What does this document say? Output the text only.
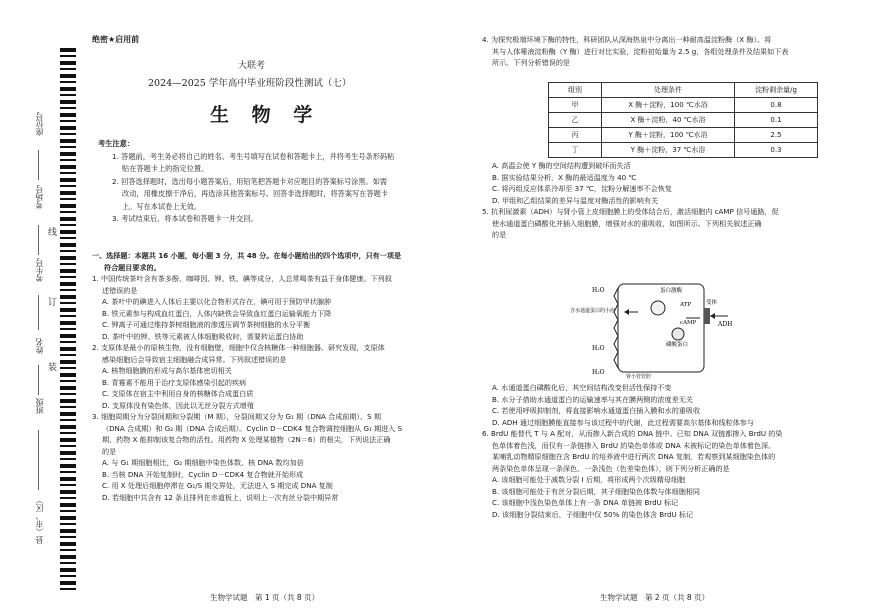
座位号
考场号
考生号
姓名
班级
县（市、区）
线
订
装
绝密★启用前
大联考
2024—2025 学年高中毕业班阶段性测试（七）
生 物 学

考生注意：

1. 答题前，考生务必将自己的姓名、考生号填写在试卷和答题卡上，并将考生号条形码粘

贴在答题卡上的指定位置。

2. 回答选择题时，选出每小题答案后，用铅笔把答题卡对应题目的答案标号涂黑。如需

改动，用橡皮擦干净后，再选涂其他答案标号。回答非选择题时，将答案写在答题卡

上。写在本试卷上无效。

3. 考试结束后，将本试卷和答题卡一并交回。

一、选择题：本题共 16 小题，每小题 3 分，共 48 分。在每小题给出的四个选项中，只有一项是

符合题目要求的。

1. 中国传统茶叶含有茶多酚、咖啡因、钾、铁、碘等成分，人总常喝茶有益于身体健康。下列叙

述错误的是

A. 茶叶中的碘进入人体后主要以化合物形式存在，碘可用于预防甲状腺肿

B. 铁元素参与构成血红蛋白，人体内缺铁会导致血红蛋白运输氧能力下降

C. 钾离子可通过维持茶树细胞液的渗透压调节茶树细胞的水分平衡

D. 茶叶中的钾、铁等元素被人体细胞吸收时，需要转运蛋白协助

2. 支原体是最小的原核生物，没有细胞壁，细胞中仅含核糖体一种细胞器。研究发现，支原体

感染细胞后会导致宿主细胞融合成异常。下列叙述错误的是

A. 核物细胞膜的形成与高尔基体密切相关

B. 青霉素不能用于治疗支原体感染引起的疾病

C. 支原体在宿主中利用自身的核糖体合成蛋白质

D. 支原体没有染色体，因此以无丝分裂方式增殖

3. 细胞周期分为分裂间期和分裂期（M 期），分裂间期又分为 G₁ 期（DNA 合成前期）、S 期

（DNA 合成期）和 G₂ 期（DNA 合成后期）。Cyclin D－CDK4 复合物调控细胞从 G₁ 期进入 S

期，药物 X 能抑制该复合物的活性。用药物 X 处理某植物（2N＝6）的根尖，下列说法正确

的是

A. 与 G₁ 期细胞相比，G₂ 期细胞中染色体数、核 DNA 数均加倍

B. 当核 DNA 开始复制时，Cyclin D－CDK4 复合物就开始形成

C. 用 X 处理后细胞停滞在 G₁/S 期交界处，无法进入 S 期完成 DNA 复制

D. 若细胞中共含有 12 条且排列在赤道板上，说明上一次有丝分裂中期异常

生物学试题　第 1 页（共 8 页）

4. 为探究极端环境下酶的特性，科研团队从深海热泉中分离出一种耐高温淀粉酶（X 酶）。将

其与人体唾液淀粉酶（Y 酶）进行对比实验，淀粉初始量为 2.5 g，各组处理条件及结果如下表

所示。下列分析错误的是

组别	处理条件	淀粉剩余量/g
甲	X 酶＋淀粉，100 ℃水浴	0.8
乙	X 酶＋淀粉，40 ℃水浴	0.1
丙	Y 酶＋淀粉，100 ℃水浴	2.5
丁	Y 酶＋淀粉，37 ℃水浴	0.3

A. 高温会使 Y 酶的空间结构遭到破坏而失活

B. 据实验结果分析，X 酶的最适温度为 40 ℃

C. 将丙组反应体系冷却至 37 ℃，淀粉分解速率不会恢复

D. 甲组和乙组结果的差异与温度对酶活性的影响有关

5. 抗利尿激素（ADH）与肾小管上皮细胞膜上的受体结合后，激活细胞内 cAMP 信号通路，促

使水通道蛋白磷酸化并插入细胞膜，增强对水的重吸收，如图所示。下列相关叙述正确

的是

H₂O
H₂O
H₂O
含水通道蛋白的小泡
蛋白激酶
ATP
cAMP
磷酸蛋白
受体
ADH
肾小管管腔

A. 水通道蛋白磷酸化后，其空间结构改变但活性保持不变

B. 水分子借助水通道蛋白的运输速率与其在膜两侧的浓度差无关

C. 若使用呼吸抑制剂，将直接影响水通道蛋白插入膜和水的重吸收

D. ADH 通过细胞膜能直接参与该过程中的代谢，此过程需要高尔基体和线粒体参与

6. BrdU 能替代 T 与 A 配对，从而掺入新合成的 DNA 链中。已知 DNA 双链都掺入 BrdU 的染

色单体着色浅，而仅有一条链掺入 BrdU 的染色单体或 DNA 未被标记的染色单体着色深。

某哺乳动物精原细胞在含 BrdU 的培养液中进行两次 DNA 复制，若观察到某细胞染色体的

两条染色单体呈现一条深色、一条浅色（色差染色体），则下列分析正确的是

A. 该细胞可能处于减数分裂 I 后期，将形成两个次级精母细胞

B. 该细胞可能处于有丝分裂后期，其子细胞染色体数与体细胞相同

C. 该细胞中浅色染色单体上有一条 DNA 单链被 BrdU 标记

D. 该细胞分裂结束后，子细胞中仅 50% 的染色体含 BrdU 标记

生物学试题　第 2 页（共 8 页）
